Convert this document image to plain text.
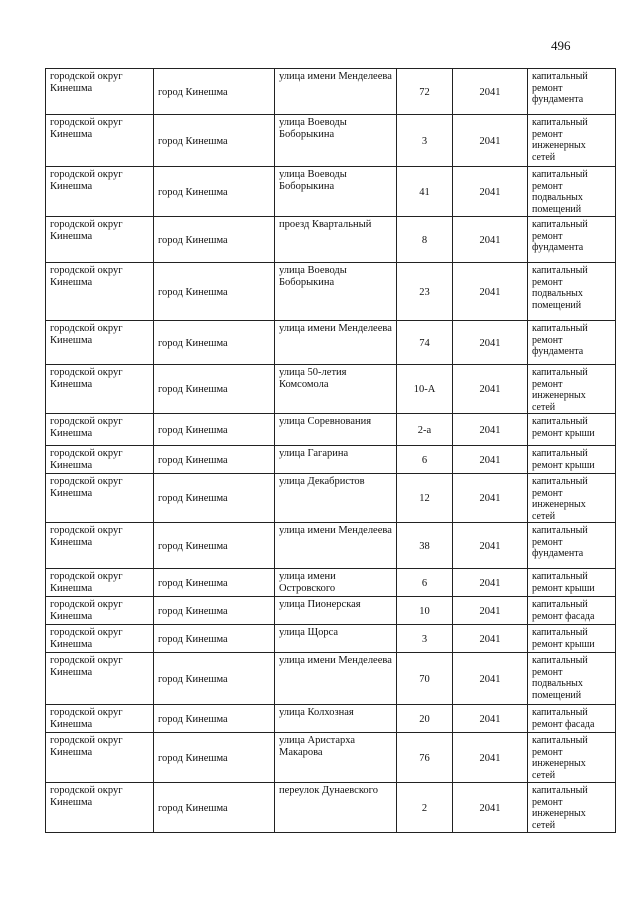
496
городской округ Кинешма	город Кинешма	улица имени Менделеева	72	2041	капитальный ремонт фундамента
городской округ Кинешма	город Кинешма	улица Воеводы Боборыкина	3	2041	капитальный ремонт инженерных сетей
городской округ Кинешма	город Кинешма	улица Воеводы Боборыкина	41	2041	капитальный ремонт подвальных помещений
городской округ Кинешма	город Кинешма	проезд Квартальный	8	2041	капитальный ремонт фундамента
городской округ Кинешма	город Кинешма	улица Воеводы Боборыкина	23	2041	капитальный ремонт подвальных помещений
городской округ Кинешма	город Кинешма	улица имени Менделеева	74	2041	капитальный ремонт фундамента
городской округ Кинешма	город Кинешма	улица 50-летия Комсомола	10-А	2041	капитальный ремонт инженерных сетей
городской округ Кинешма	город Кинешма	улица Соревнования	2-а	2041	капитальный ремонт крыши
городской округ Кинешма	город Кинешма	улица Гагарина	6	2041	капитальный ремонт крыши
городской округ Кинешма	город Кинешма	улица Декабристов	12	2041	капитальный ремонт инженерных сетей
городской округ Кинешма	город Кинешма	улица имени Менделеева	38	2041	капитальный ремонт фундамента
городской округ Кинешма	город Кинешма	улица имени Островского	6	2041	капитальный ремонт крыши
городской округ Кинешма	город Кинешма	улица Пионерская	10	2041	капитальный ремонт фасада
городской округ Кинешма	город Кинешма	улица Щорса	3	2041	капитальный ремонт крыши
городской округ Кинешма	город Кинешма	улица имени Менделеева	70	2041	капитальный ремонт подвальных помещений
городской округ Кинешма	город Кинешма	улица Колхозная	20	2041	капитальный ремонт фасада
городской округ Кинешма	город Кинешма	улица Аристарха Макарова	76	2041	капитальный ремонт инженерных сетей
городской округ Кинешма	город Кинешма	переулок Дунаевского	2	2041	капитальный ремонт инженерных сетей
